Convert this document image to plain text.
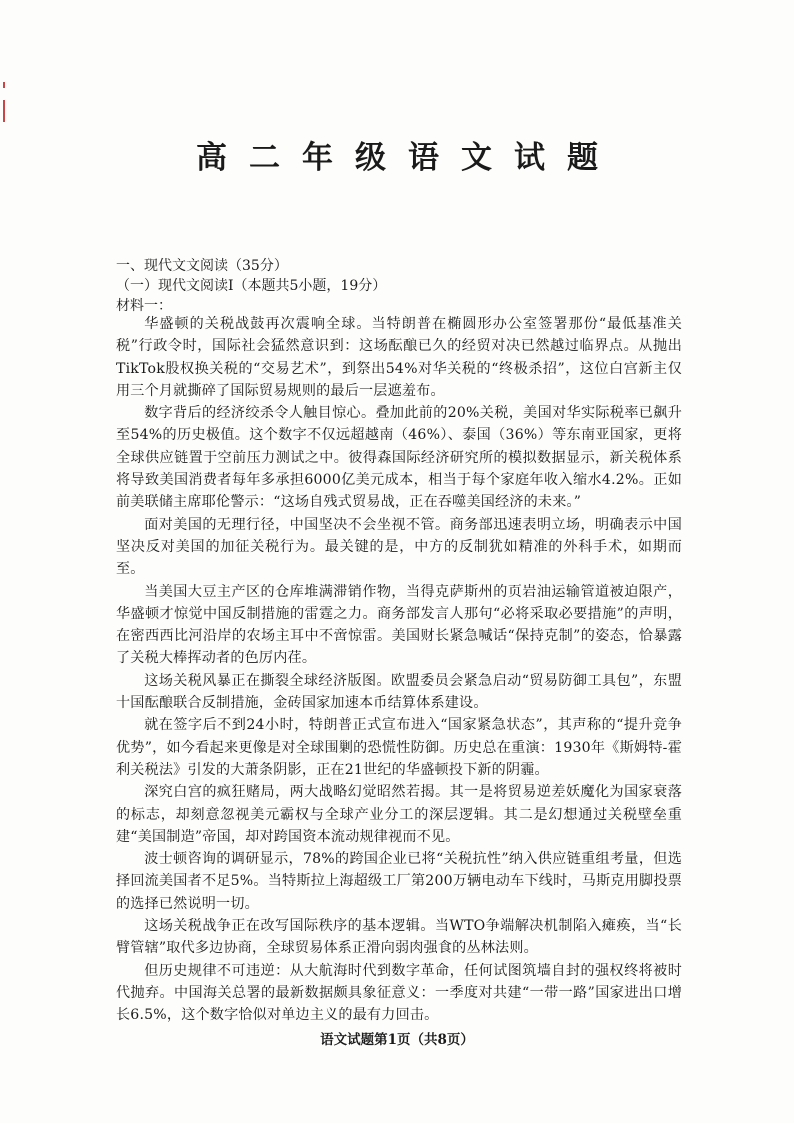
高二年级语文试题

一、现代文文阅读（35分）

（一）现代文阅读Ⅰ（本题共5小题，19分）

材料一：

华盛顿的关税战鼓再次震响全球。当特朗普在椭圆形办公室签署那份“最低基准关税”行政令时，国际社会猛然意识到：这场酝酿已久的经贸对决已然越过临界点。从抛出TikTok股权换关税的“交易艺术”，到祭出54%对华关税的“终极杀招”，这位白宫新主仅用三个月就撕碎了国际贸易规则的最后一层遮羞布。

数字背后的经济绞杀令人触目惊心。叠加此前的20%关税，美国对华实际税率已飙升至54%的历史极值。这个数字不仅远超越南（46%）、泰国（36%）等东南亚国家，更将全球供应链置于空前压力测试之中。彼得森国际经济研究所的模拟数据显示，新关税体系将导致美国消费者每年多承担6000亿美元成本，相当于每个家庭年收入缩水4.2%。正如前美联储主席耶伦警示：“这场自残式贸易战，正在吞噬美国经济的未来。”

面对美国的无理行径，中国坚决不会坐视不管。商务部迅速表明立场，明确表示中国坚决反对美国的加征关税行为。最关键的是，中方的反制犹如精准的外科手术，如期而至。

当美国大豆主产区的仓库堆满滞销作物，当得克萨斯州的页岩油运输管道被迫限产，华盛顿才惊觉中国反制措施的雷霆之力。商务部发言人那句“必将采取必要措施”的声明，在密西西比河沿岸的农场主耳中不啻惊雷。美国财长紧急喊话“保持克制”的姿态，恰暴露了关税大棒挥动者的色厉内荏。

这场关税风暴正在撕裂全球经济版图。欧盟委员会紧急启动“贸易防御工具包”，东盟十国酝酿联合反制措施，金砖国家加速本币结算体系建设。

就在签字后不到24小时，特朗普正式宣布进入“国家紧急状态”，其声称的“提升竞争优势”，如今看起来更像是对全球围剿的恐慌性防御。历史总在重演：1930年《斯姆特-霍利关税法》引发的大萧条阴影，正在21世纪的华盛顿投下新的阴霾。

深究白宫的疯狂赌局，两大战略幻觉昭然若揭。其一是将贸易逆差妖魔化为国家衰落的标志，却刻意忽视美元霸权与全球产业分工的深层逻辑。其二是幻想通过关税壁垒重建“美国制造”帝国，却对跨国资本流动规律视而不见。

波士顿咨询的调研显示，78%的跨国企业已将“关税抗性”纳入供应链重组考量，但选择回流美国者不足5%。当特斯拉上海超级工厂第200万辆电动车下线时，马斯克用脚投票的选择已然说明一切。

这场关税战争正在改写国际秩序的基本逻辑。当WTO争端解决机制陷入瘫痪，当“长臂管辖”取代多边协商，全球贸易体系正滑向弱肉强食的丛林法则。

但历史规律不可违逆：从大航海时代到数字革命，任何试图筑墙自封的强权终将被时代抛弃。中国海关总署的最新数据颇具象征意义：一季度对共建“一带一路”国家进出口增长6.5%，这个数字恰似对单边主义的最有力回击。

语文试题第1页（共8页）
